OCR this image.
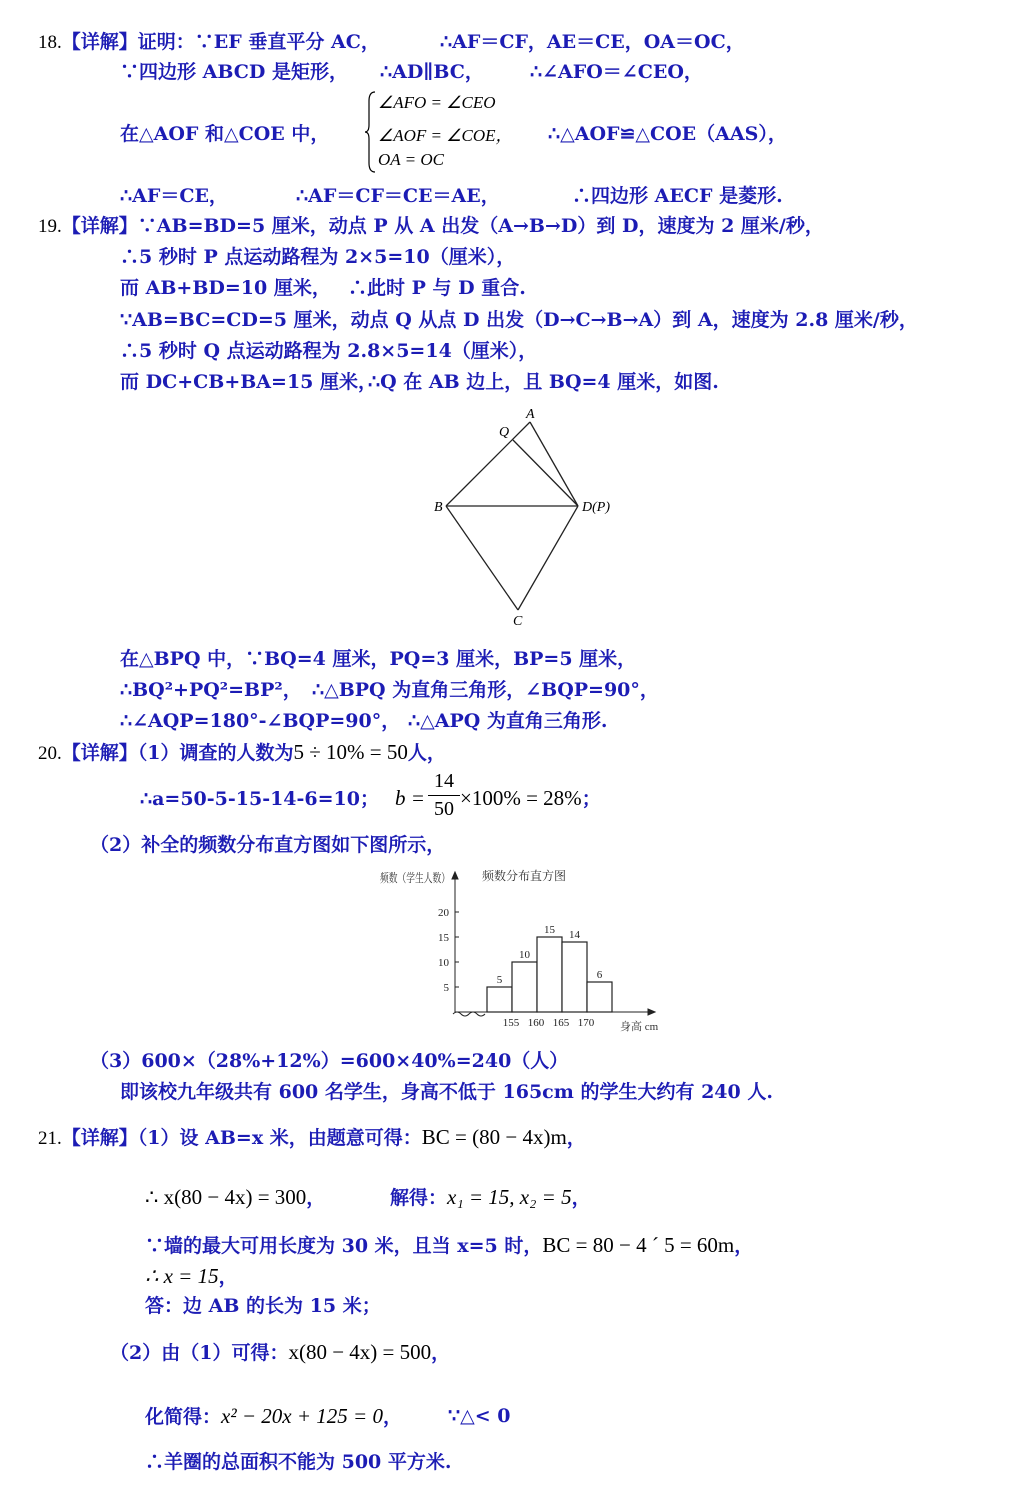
18.【详解】证明：∵EF 垂直平分 AC，	∴AF＝CF，AE＝CE，OA＝OC，
∵四边形 ABCD 是矩形， ∴AD∥BC， ∴∠AFO＝∠CEO，
在△AOF 和△COE 中，
∠AFO = ∠CEO
∠AOF = ∠COE，
OA = OC
∴△AOF≌△COE（AAS），
∴AF＝CE，	∴AF＝CF＝CE＝AE，	∴四边形 AECF 是菱形.
19.【详解】∵AB=BD=5 厘米，动点 P 从 A 出发（A→B→D）到 D，速度为 2 厘米/秒，
∴5 秒时 P 点运动路程为 2×5=10（厘米），
而 AB+BD=10 厘米， ∴此时 P 与 D 重合.
∵AB=BC=CD=5 厘米，动点 Q 从点 D 出发（D→C→B→A）到 A，速度为 2.8 厘米/秒，
∴5 秒时 Q 点运动路程为 2.8×5=14（厘米），
而 DC+CB+BA=15 厘米，
∴Q 在 AB 边上，且 BQ=4 厘米，如图.
A
Q
B	D(P)
C
在△BPQ 中，∵BQ=4 厘米，PQ=3 厘米，BP=5 厘米，
∴BQ²+PQ²=BP²， ∴△BPQ 为直角三角形，∠BQP=90°，
∴∠AQP=180°-∠BQP=90°， ∴△APQ 为直角三角形.
20.【详解】（1）调查的人数为5 ÷ 10% = 50人，
∴a=50-5-15-14-6=10； b =
14
50 ×100% = 28%；
（2）补全的频数分布直方图如下图所示，
频数分布直方图
频数（学生人数）
身高 cm
5
10
15
20
5
10
15 14
6
155 160 165 170
（3）600×（28%+12%）=600×40%=240（人）
即该校九年级共有 600 名学生，身高不低于 165cm 的学生大约有 240 人.
21.【详解】（1）设 AB=x 米，由题意可得：BC = (80 − 4x)m，
∴ x(80 − 4x) = 300，	解得：x₁ = 15, x₂ = 5，
∵墙的最大可用长度为 30 米，且当 x=5 时，BC = 80 − 4 ´ 5 = 60m，
∴ x = 15，
答：边 AB 的长为 15 米；
（2）由（1）可得：x(80 − 4x) = 500，
化简得：x² − 20x + 125 = 0， ∵△< 0
∴羊圈的总面积不能为 500 平方米.
